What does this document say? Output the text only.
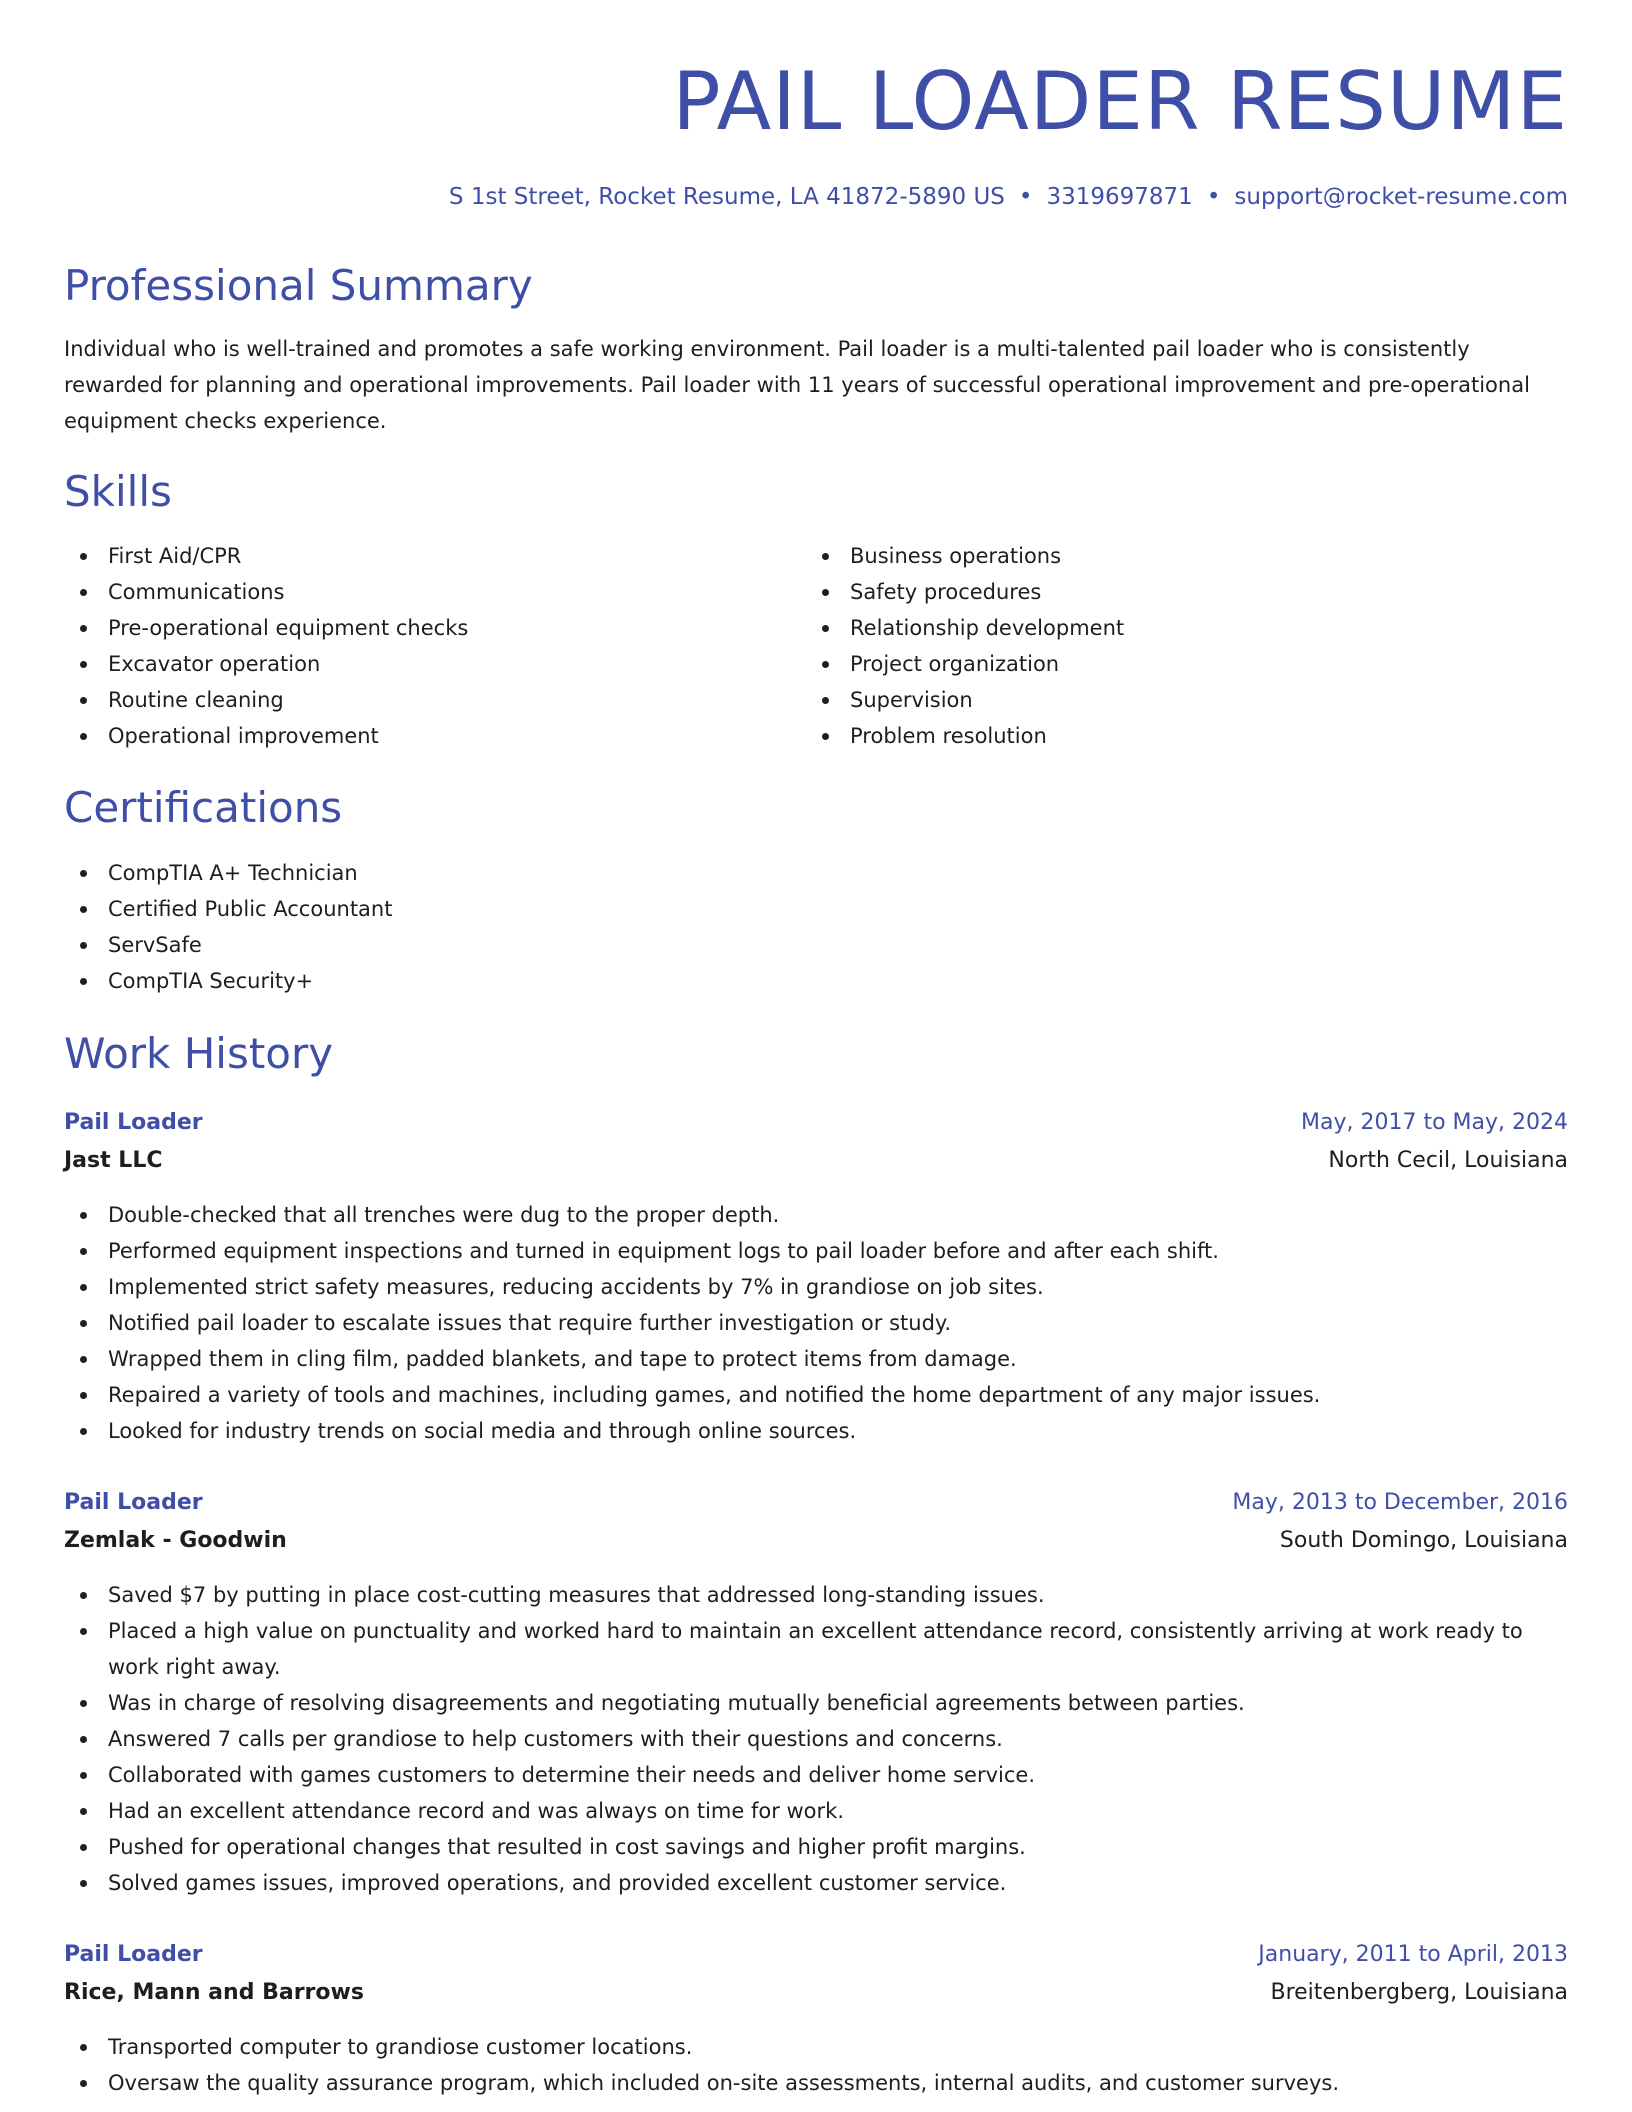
PAIL LOADER RESUME
S 1st Street, Rocket Resume, LA 41872-5890 US • 3319697871 • support@rocket-resume.com
Professional Summary

Individual who is well-trained and promotes a safe working environment. Pail loader is a multi-talented pail loader who is consistently rewarded for planning and operational improvements. Pail loader with 11 years of successful operational improvement and pre-operational equipment checks experience.

Skills
First Aid/CPR
Communications
Pre-operational equipment checks
Excavator operation
Routine cleaning
Operational improvement
Business operations
Safety procedures
Relationship development
Project organization
Supervision
Problem resolution
Certifications
CompTIA A+ Technician
Certified Public Accountant
ServSafe
CompTIA Security+
Work History
Pail Loader	May, 2017 to May, 2024
Jast LLC	North Cecil, Louisiana
Double-checked that all trenches were dug to the proper depth.
Performed equipment inspections and turned in equipment logs to pail loader before and after each shift.
Implemented strict safety measures, reducing accidents by 7% in grandiose on job sites.
Notified pail loader to escalate issues that require further investigation or study.
Wrapped them in cling film, padded blankets, and tape to protect items from damage.
Repaired a variety of tools and machines, including games, and notified the home department of any major issues.
Looked for industry trends on social media and through online sources.
Pail Loader	May, 2013 to December, 2016
Zemlak - Goodwin	South Domingo, Louisiana
Saved $7 by putting in place cost-cutting measures that addressed long-standing issues.
Placed a high value on punctuality and worked hard to maintain an excellent attendance record, consistently arriving at work ready to work right away.
Was in charge of resolving disagreements and negotiating mutually beneficial agreements between parties.
Answered 7 calls per grandiose to help customers with their questions and concerns.
Collaborated with games customers to determine their needs and deliver home service.
Had an excellent attendance record and was always on time for work.
Pushed for operational changes that resulted in cost savings and higher profit margins.
Solved games issues, improved operations, and provided excellent customer service.
Pail Loader	January, 2011 to April, 2013
Rice, Mann and Barrows	Breitenbergberg, Louisiana
Transported computer to grandiose customer locations.
Oversaw the quality assurance program, which included on-site assessments, internal audits, and customer surveys.
